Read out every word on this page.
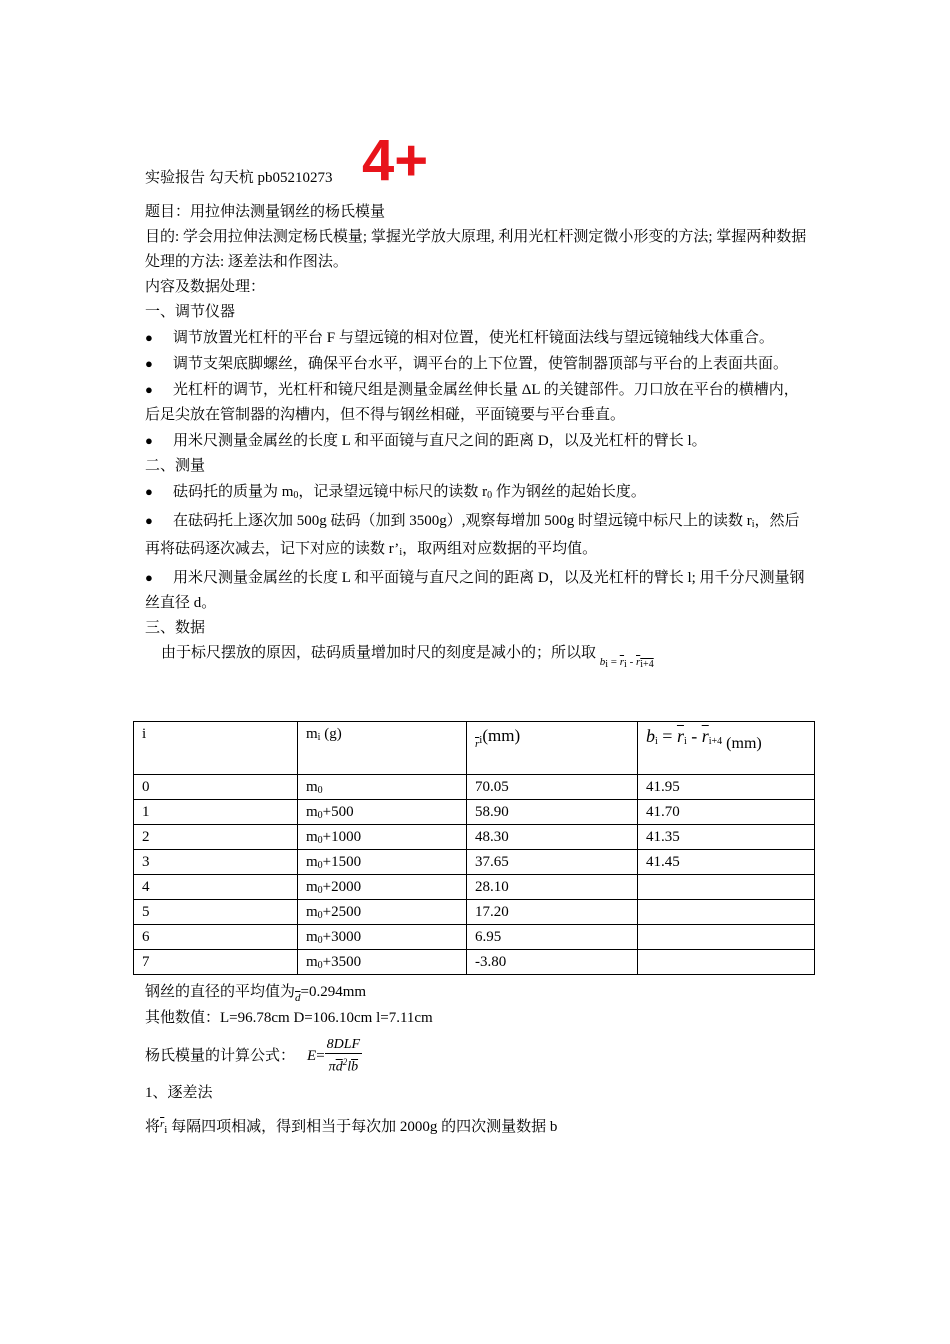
实验报告 勾天杭 pb05210273 4+
题目：用拉伸法测量钢丝的杨氏模量
目的: 学会用拉伸法测定杨氏模量; 掌握光学放大原理, 利用光杠杆测定微小形变的方法; 掌握两种数据处理的方法: 逐差法和作图法。
内容及数据处理：
一、调节仪器
● 调节放置光杠杆的平台 F 与望远镜的相对位置，使光杠杆镜面法线与望远镜轴线大体重合。
● 调节支架底脚螺丝，确保平台水平，调平台的上下位置，使管制器顶部与平台的上表面共面。
● 光杠杆的调节，光杠杆和镜尺组是测量金属丝伸长量 ΔL 的关键部件。刀口放在平台的横槽内，后足尖放在管制器的沟槽内，但不得与钢丝相碰，平面镜要与平台垂直。
● 用米尺测量金属丝的长度 L 和平面镜与直尺之间的距离 D，以及光杠杆的臂长 l。
二、测量
● 砝码托的质量为 $m_0$，记录望远镜中标尺的读数 $r_0$ 作为钢丝的起始长度。
● 在砝码托上逐次加 500g 砝码（加到 3500g）,观察每增加 500g 时望远镜中标尺上的读数 $r_i$，然后再将砝码逐次减去，记下对应的读数 $r’_i$，取两组对应数据的平均值。
● 用米尺测量金属丝的长度 L 和平面镜与直尺之间的距离 D，以及光杠杆的臂长 l; 用千分尺测量钢丝直径 d。
三、数据
由于标尺摆放的原因，砝码质量增加时尺的刻度是减小的；所以取 $_{b_i = \overline{r}_i - \overline{r}_{i+4}}$
i	$m_i$ (g)	$_{\overline{r}i}$(mm)	$b_i = \overline{r}_i - \overline{r}_{i+4}$ (mm)
0	$m_0$	70.05	41.95
1	$m_0+500$	58.90	41.70
2	$m_0+1000$	48.30	41.35
3	$m_0+1500$	37.65	41.45
4	$m_0+2000$	28.10	
5	$m_0+2500$	17.20	
6	$m_0+3000$	6.95	
7	$m_0+3500$	-3.80	
钢丝的直径的平均值为$_{\overline{d}}$=0.294mm
其他数值：L=96.78cm D=106.10cm l=7.11cm
杨氏模量的计算公式： $E = \frac{\text{8DLF}}{\pi\overline{d}^2l\overline{b}}$
1、逐差法
将$^{\overline{r}}_i$ 每隔四项相减，得到相当于每次加 2000g 的四次测量数据 b
